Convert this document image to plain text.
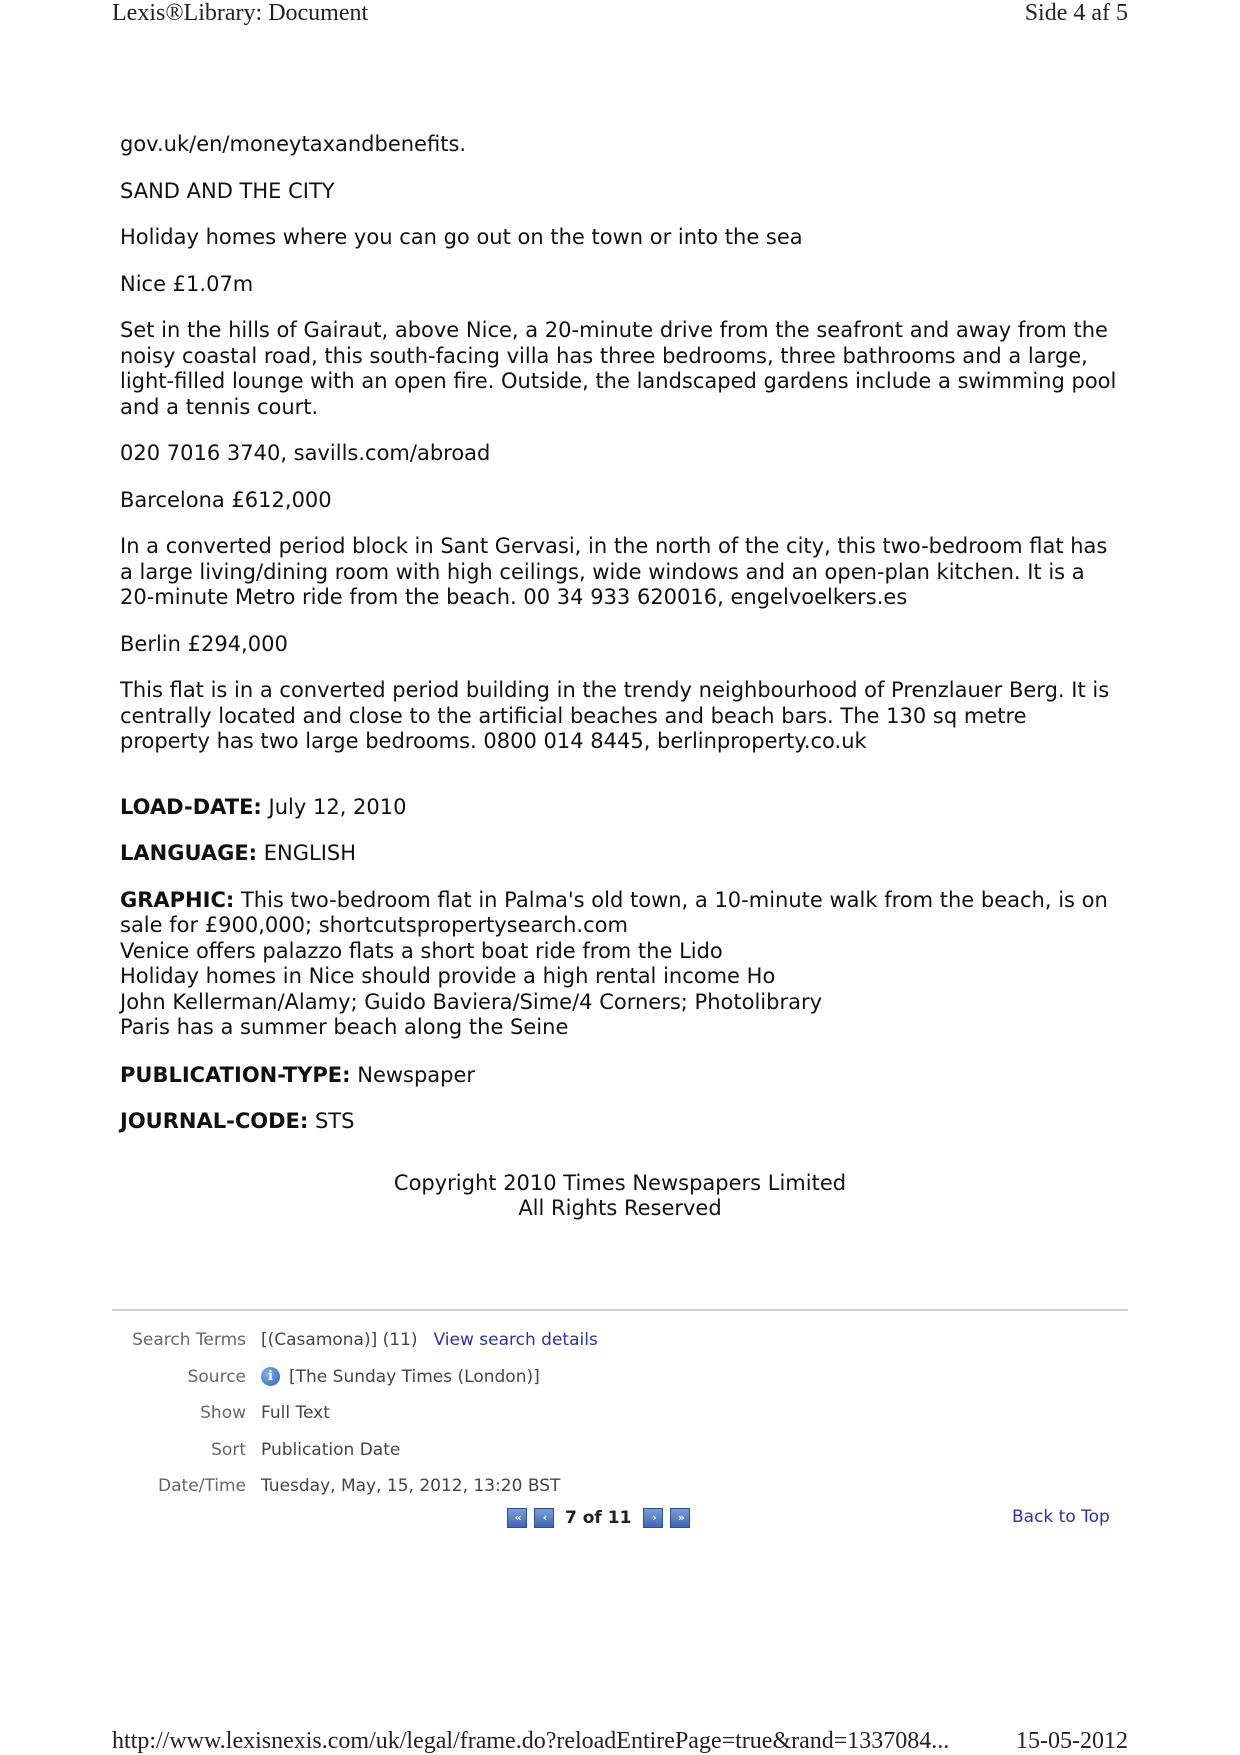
Lexis®Library: Document	Side 4 af 5

gov.uk/en/moneytaxandbenefits.

SAND AND THE CITY

Holiday homes where you can go out on the town or into the sea

Nice £1.07m

Set in the hills of Gairaut, above Nice, a 20-minute drive from the seafront and away from the noisy coastal road, this south-facing villa has three bedrooms, three bathrooms and a large, light-filled lounge with an open fire. Outside, the landscaped gardens include a swimming pool and a tennis court.

020 7016 3740, savills.com/abroad

Barcelona £612,000

In a converted period block in Sant Gervasi, in the north of the city, this two-bedroom flat has a large living/dining room with high ceilings, wide windows and an open-plan kitchen. It is a 20-minute Metro ride from the beach. 00 34 933 620016, engelvoelkers.es

Berlin £294,000

This flat is in a converted period building in the trendy neighbourhood of Prenzlauer Berg. It is centrally located and close to the artificial beaches and beach bars. The 130 sq metre property has two large bedrooms. 0800 014 8445, berlinproperty.co.uk

LOAD-DATE: July 12, 2010

LANGUAGE: ENGLISH

GRAPHIC: This two-bedroom flat in Palma's old town, a 10-minute walk from the beach, is on sale for £900,000; shortcutspropertysearch.com
Venice offers palazzo flats a short boat ride from the Lido
Holiday homes in Nice should provide a high rental income Ho
John Kellerman/Alamy; Guido Baviera/Sime/4 Corners; Photolibrary
Paris has a summer beach along the Seine

PUBLICATION-TYPE: Newspaper

JOURNAL-CODE: STS

Copyright 2010 Times Newspapers Limited
All Rights Reserved
Search Terms [(Casamona)] (11) View search details
Source	i [The Sunday Times (London)]
Show Full Text
Sort Publication Date
Date/Time Tuesday, May, 15, 2012, 13:20 BST
«	‹	7 of 11	›	»	Back to Top
http://www.lexisnexis.com/uk/legal/frame.do?reloadEntirePage=true&rand=1337084...	15-05-2012
